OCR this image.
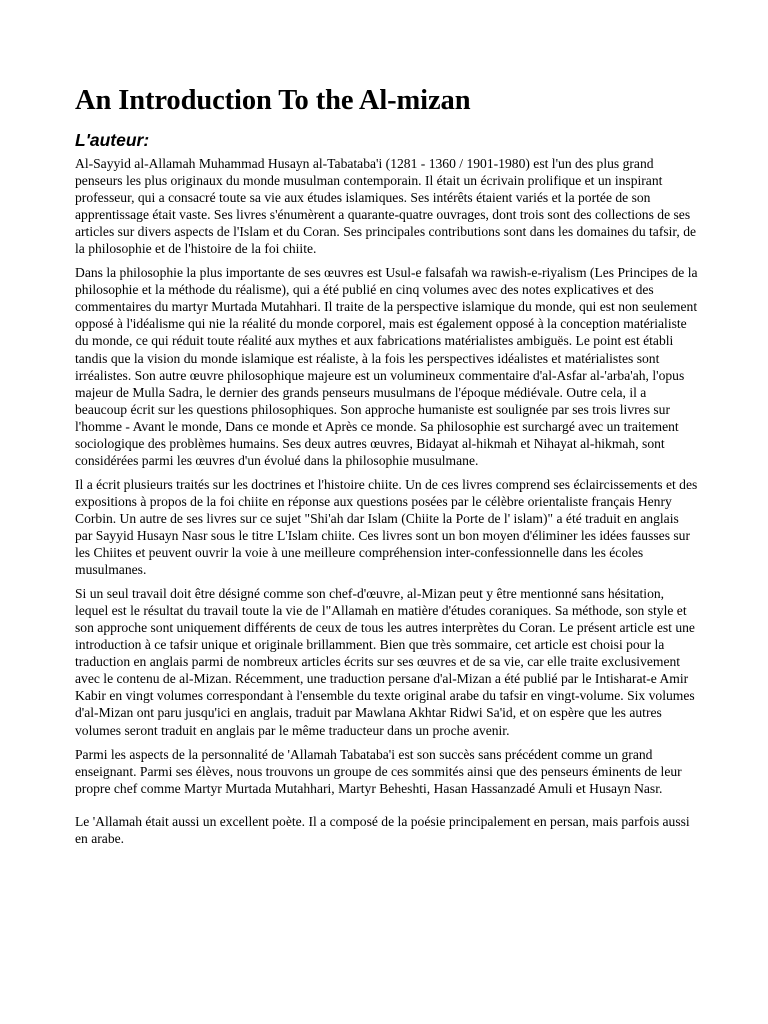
An Introduction To the Al-mizan
L'auteur:

Al-Sayyid al-Allamah Muhammad Husayn al-Tabataba'i (1281 - 1360 / 1901-1980) est l'un des plus grand penseurs les plus originaux du monde musulman contemporain. Il était un écrivain prolifique et un inspirant professeur, qui a consacré toute sa vie aux études islamiques. Ses intérêts étaient variés et la portée de son apprentissage était vaste. Ses livres s'énumèrent a quarante-quatre ouvrages, dont trois sont des collections de ses articles sur divers aspects de l'Islam et du Coran. Ses principales contributions sont dans les domaines du tafsir, de la philosophie et de l'histoire de la foi chiite.

Dans la philosophie la plus importante de ses œuvres est Usul-e falsafah wa rawish-e-riyalism (Les Principes de la philosophie et la méthode du réalisme), qui a été publié en cinq volumes avec des notes explicatives et des commentaires du martyr Murtada Mutahhari. Il traite de la perspective islamique du monde, qui est non seulement opposé à l'idéalisme qui nie la réalité du monde corporel, mais est également opposé à la conception matérialiste du monde, ce qui réduit toute réalité aux mythes et aux fabrications matérialistes ambiguës. Le point est établi tandis que la vision du monde islamique est réaliste, à la fois les perspectives idéalistes et matérialistes sont irréalistes. Son autre œuvre philosophique majeure est un volumineux commentaire d'al-Asfar al-'arba'ah, l'opus majeur de Mulla Sadra, le dernier des grands penseurs musulmans de l'époque médiévale. Outre cela, il a beaucoup écrit sur les questions philosophiques. Son approche humaniste est soulignée par ses trois livres sur l'homme - Avant le monde, Dans ce monde et Après ce monde. Sa philosophie est surchargé avec un traitement sociologique des problèmes humains. Ses deux autres œuvres, Bidayat al-hikmah et Nihayat al-hikmah, sont considérées parmi les œuvres d'un évolué dans la philosophie musulmane.

Il a écrit plusieurs traités sur les doctrines et l'histoire chiite. Un de ces livres comprend ses éclaircissements et des expositions à propos de la foi chiite en réponse aux questions posées par le célèbre orientaliste français Henry Corbin. Un autre de ses livres sur ce sujet "Shi'ah dar Islam (Chiite la Porte de l' islam)" a été traduit en anglais par Sayyid Husayn Nasr sous le titre L'Islam chiite. Ces livres sont un bon moyen d'éliminer les idées fausses sur les Chiites et peuvent ouvrir la voie à une meilleure compréhension inter-confessionnelle dans les écoles musulmanes.

Si un seul travail doit être désigné comme son chef-d'œuvre, al-Mizan peut y être mentionné sans hésitation, lequel est le résultat du travail toute la vie de l"Allamah en matière d'études coraniques. Sa méthode, son style et son approche sont uniquement différents de ceux de tous les autres interprètes du Coran. Le présent article est une introduction à ce tafsir unique et originale brillamment. Bien que très sommaire, cet article est choisi pour la traduction en anglais parmi de nombreux articles écrits sur ses œuvres et de sa vie, car elle traite exclusivement avec le contenu de al-Mizan. Récemment, une traduction persane d'al-Mizan a été publié par le Intisharat-e Amir Kabir en vingt volumes correspondant à l'ensemble du texte original arabe du tafsir en vingt-volume. Six volumes d'al-Mizan ont paru jusqu'ici en anglais, traduit par Mawlana Akhtar Ridwi Sa'id, et on espère que les autres volumes seront traduit en anglais par le même traducteur dans un proche avenir.

Parmi les aspects de la personnalité de 'Allamah Tabataba'i est son succès sans précédent comme un grand enseignant. Parmi ses élèves, nous trouvons un groupe de ces sommités ainsi que des penseurs éminents de leur propre chef comme Martyr Murtada Mutahhari, Martyr Beheshti, Hasan Hassanzadé Amuli et Husayn Nasr.

Le 'Allamah était aussi un excellent poète. Il a composé de la poésie principalement en persan, mais parfois aussi en arabe.
